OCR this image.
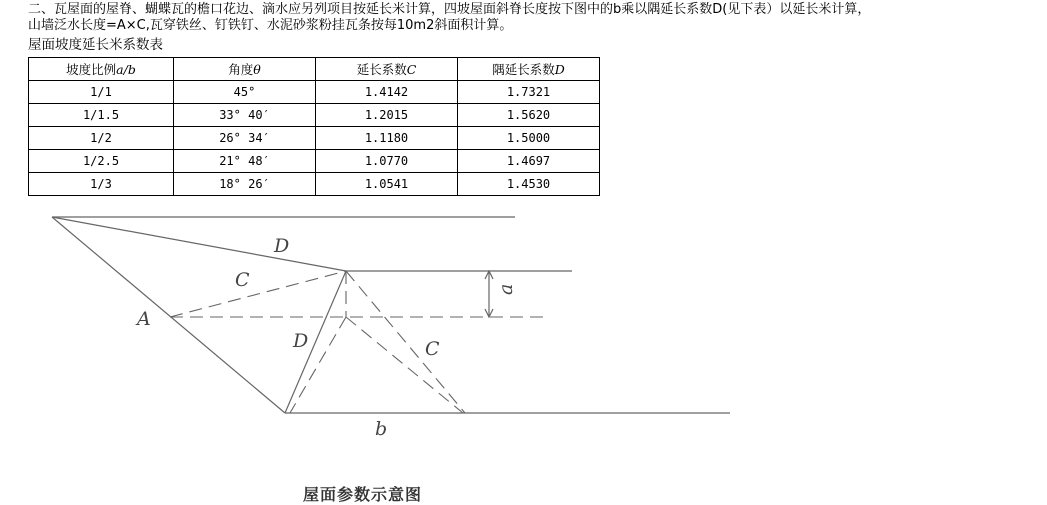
二、瓦屋面的屋脊、蝴蝶瓦的檐口花边、滴水应另列项目按延长米计算，四坡屋面斜脊长度按下图中的b乘以隅延长系数D(见下表）以延长米计算，
山墙泛水长度=A×C,瓦穿铁丝、钉铁钉、水泥砂浆粉挂瓦条按每10m2斜面积计算。
屋面坡度延长米系数表
坡度比例a/b	角度θ	延长系数C	隅延长系数D
1/1	45°	1.4142	1.7321
1/1.5	33° 40′	1.2015	1.5620
1/2	26° 34′	1.1180	1.5000
1/2.5	21° 48′	1.0770	1.4697
1/3	18° 26′	1.0541	1.4530
D
C
A
a
D	C
b
屋面参数示意图
